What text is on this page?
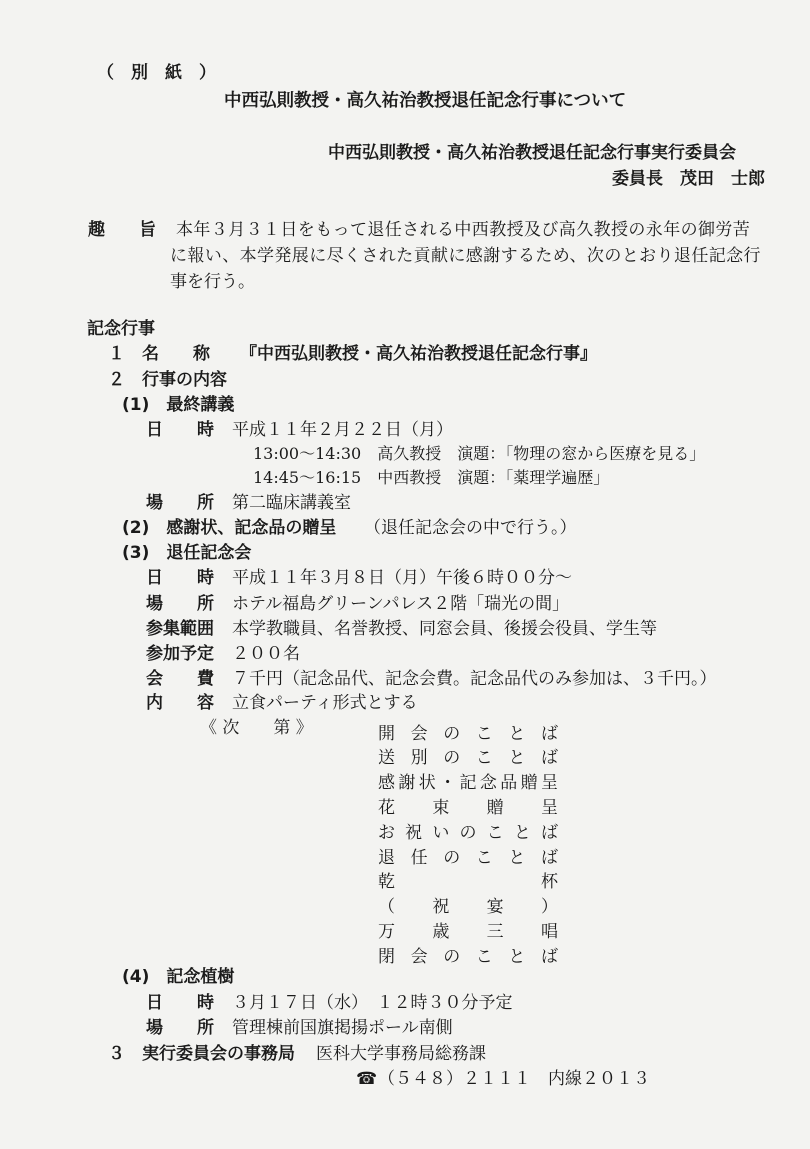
（　別　紙　）
中西弘則教授・高久祐治教授退任記念行事について
中西弘則教授・高久祐治教授退任記念行事実行委員会
委員長　茂田　士郎
趣　　旨 本年３月３１日をもって退任される中西教授及び高久教授の永年の御労苦
に報い、本学発展に尽くされた貢献に感謝するため、次のとおり退任記念行
事を行う。
記念行事
１　名　　称 『中西弘則教授・高久祐治教授退任記念行事』
２　行事の内容
(1)　最終講義
日　　時 平成１１年２月２２日（月）
13:00～14:30　高久教授　演題：「物理の窓から医療を見る」
14:45～16:15　中西教授　演題：「薬理学遍歴」
場　　所 第二臨床講義室
(2)　感謝状、記念品の贈呈 （退任記念会の中で行う。）
(3)　退任記念会
日　　時 平成１１年３月８日（月）午後６時００分～
場　　所 ホテル福島グリーンパレス２階「瑞光の間」
参集範囲 本学教職員、名誉教授、同窓会員、後援会役員、学生等
参加予定 ２００名
会　　費 ７千円（記念品代、記念会費。記念品代のみ参加は、３千円。）
内　　容 立食パーティ形式とする
《 次　　第 》	開会のことば
送別のことば
感謝状・記念品贈呈
花束贈呈
お祝いのことば
退任のことば
乾杯
（祝宴）
万歳三唱
閉会のことば
(4)　記念植樹
日　　時 ３月１７日（水）　１２時３０分予定
場　　所 管理棟前国旗掲揚ポール南側
３　実行委員会の事務局 医科大学事務局総務課
☎ （５４８）２１１１　内線２０１３
